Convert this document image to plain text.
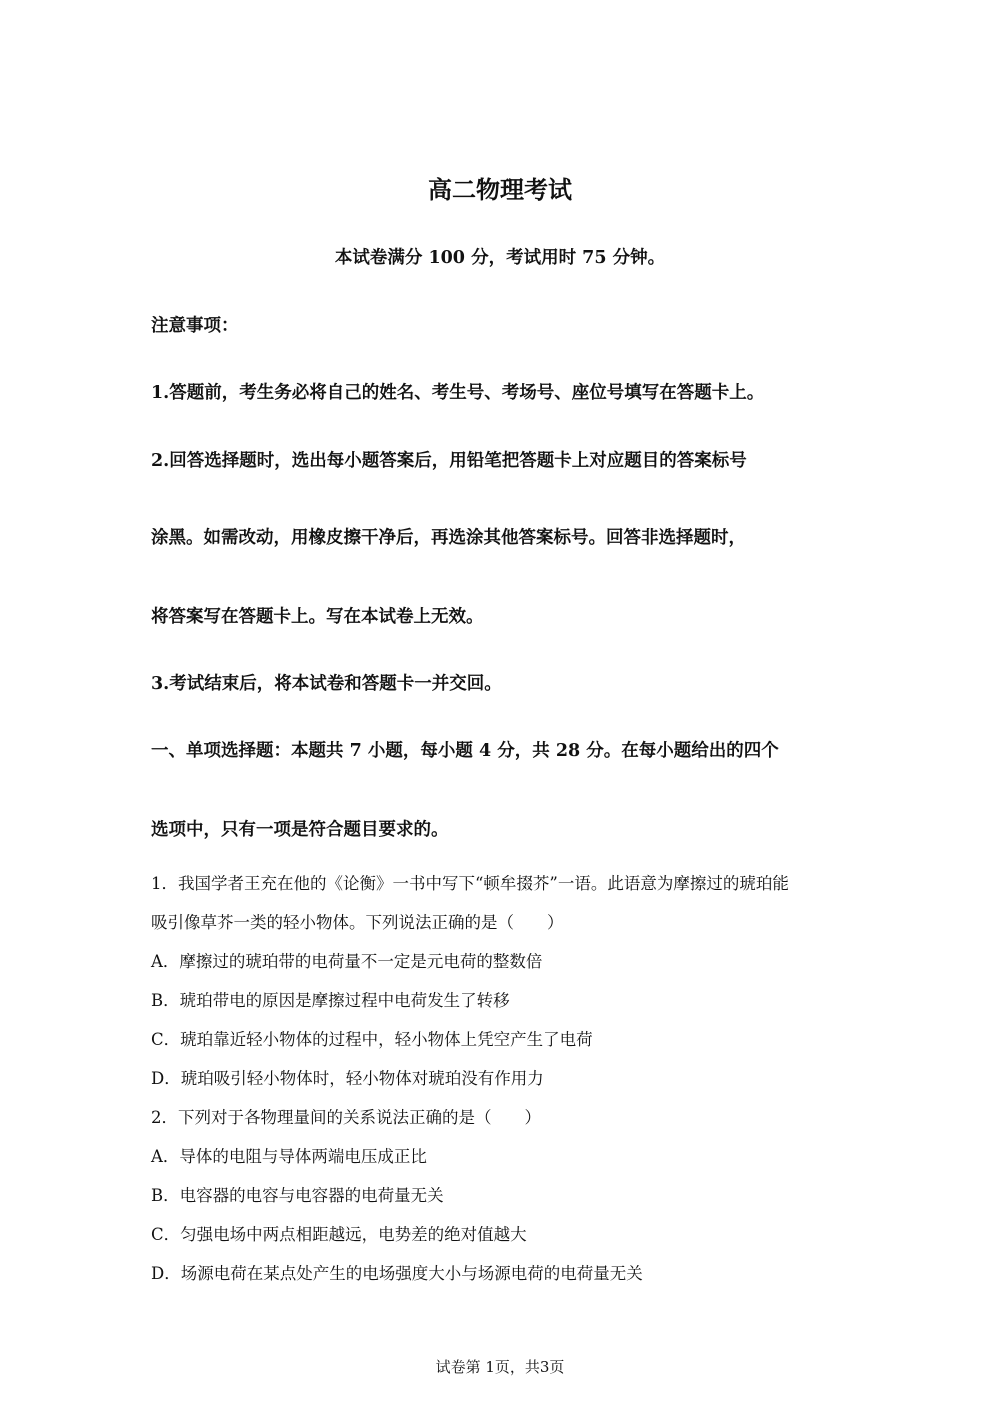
高二物理考试
本试卷满分 100 分，考试用时 75 分钟。
注意事项：
1.答题前，考生务必将自己的姓名、考生号、考场号、座位号填写在答题卡上。
2.回答选择题时，选出每小题答案后，用铅笔把答题卡上对应题目的答案标号
涂黑。如需改动，用橡皮擦干净后，再选涂其他答案标号。回答非选择题时，
将答案写在答题卡上。写在本试卷上无效。
3.考试结束后，将本试卷和答题卡一并交回。
一、单项选择题：本题共 7 小题，每小题 4 分，共 28 分。在每小题给出的四个
选项中，只有一项是符合题目要求的。
1．我国学者王充在他的《论衡》一书中写下“顿牟掇芥”一语。此语意为摩擦过的琥珀能
吸引像草芥一类的轻小物体。下列说法正确的是（　　）
A．摩擦过的琥珀带的电荷量不一定是元电荷的整数倍
B．琥珀带电的原因是摩擦过程中电荷发生了转移
C．琥珀靠近轻小物体的过程中，轻小物体上凭空产生了电荷
D．琥珀吸引轻小物体时，轻小物体对琥珀没有作用力
2．下列对于各物理量间的关系说法正确的是（　　）
A．导体的电阻与导体两端电压成正比
B．电容器的电容与电容器的电荷量无关
C．匀强电场中两点相距越远，电势差的绝对值越大
D．场源电荷在某点处产生的电场强度大小与场源电荷的电荷量无关
试卷第 1页，共3页
